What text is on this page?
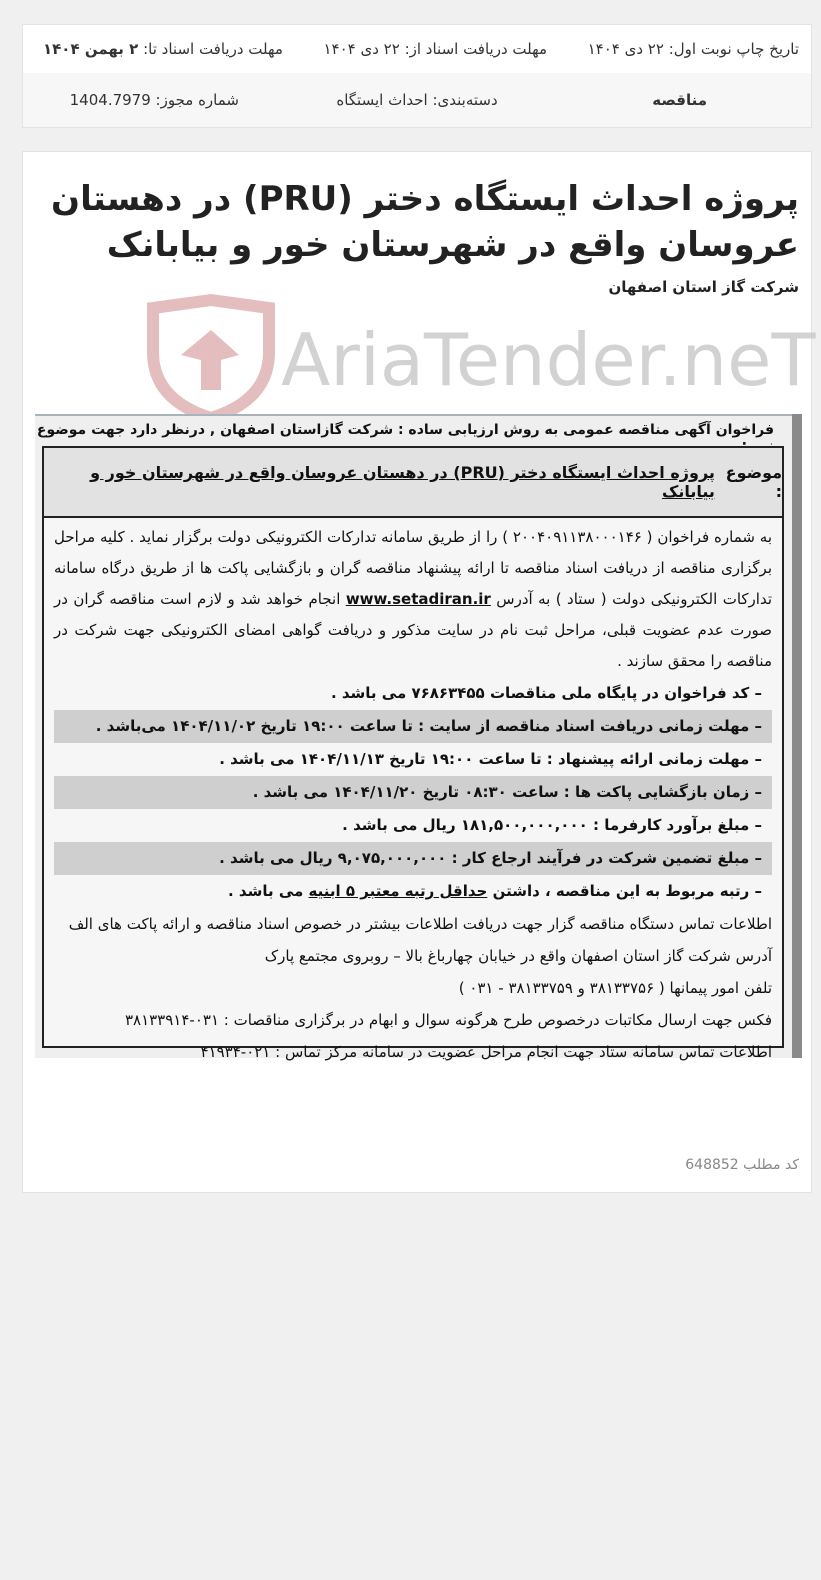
تاریخ چاپ نوبت اول: ۲۲ دی ۱۴۰۴
مهلت دریافت اسناد از: ۲۲ دی ۱۴۰۴
مهلت دریافت اسناد تا: ۲ بهمن ۱۴۰۴
مناقصه
دسته‌بندی: احداث ایستگاه
شماره مجوز: 1404.7979
پروژه احداث ایستگاه دختر (PRU) در دهستان عروسان واقع در شهرستان خور و بیابانک
شرکت گاز استان اصفهان
AriaTender.neT
فراخوان آگهی مناقصه عمومی به روش ارزیابی ساده : شرکت گازاستان اصفهان , درنظر دارد جهت موضوع
موضوع :
پروژه احداث ایستگاه دختر (PRU) در دهستان عروسان واقع در شهرستان خور و بیابانک
به شماره فراخوان ( ۲۰۰۴۰۹۱۱۳۸۰۰۰۱۴۶ ) را از طریق سامانه تدارکات الکترونیکی دولت برگزار نماید . کلیه مراحل برگزاری مناقصه از دریافت اسناد مناقصه تا ارائه پیشنهاد مناقصه گران و بازگشایی پاکت ها از طریق درگاه سامانه تدارکات الکترونیکی دولت ( ستاد ) به آدرس www.setadiran.ir انجام خواهد شد و لازم است مناقصه گران در صورت عدم عضویت قبلی، مراحل ثبت نام در سایت مذکور و دریافت گواهی امضای الکترونیکی جهت شرکت در مناقصه را محقق سازند .
– کد فراخوان در پایگاه ملی مناقصات ۷۶۸۶۳۴۵۵ می باشد .
– مهلت زمانی دریافت اسناد مناقصه از سایت : تا ساعت ۱۹:۰۰ تاریخ ۱۴۰۴/۱۱/۰۲ می‌باشد .
– مهلت زمانی ارائه پیشنهاد : تا ساعت ۱۹:۰۰ تاریخ ۱۴۰۴/۱۱/۱۳ می باشد .
– زمان بازگشایی پاکت ها : ساعت ۰۸:۳۰ تاریخ ۱۴۰۴/۱۱/۲۰ می باشد .
– مبلغ برآورد کارفرما : ۱۸۱,۵۰۰,۰۰۰,۰۰۰ ریال می باشد .
– مبلغ تضمین شرکت در فرآیند ارجاع کار : ۹,۰۷۵,۰۰۰,۰۰۰ ریال می باشد .
– رتبه مربوط به این مناقصه ، داشتن حداقل رتبه معتبر ۵ ابنیه می باشد .
اطلاعات تماس دستگاه مناقصه گزار جهت دریافت اطلاعات بیشتر در خصوص اسناد مناقصه و ارائه پاکت های الف
آدرس شرکت گاز استان اصفهان واقع در خیابان چهارباغ بالا – روبروی مجتمع پارک
تلفن امور پیمانها ( ۳۸۱۳۳۷۵۶ و ۳۸۱۳۳۷۵۹ - ۰۳۱ )
فکس جهت ارسال مکاتبات درخصوص طرح هرگونه سوال و ابهام در برگزاری مناقصات : ۰۳۱-۳۸۱۳۳۹۱۴
اطلاعات تماس سامانه ستاد جهت انجام مراحل عضویت در سامانه مرکز تماس : ۰۲۱-۴۱۹۳۴
کد مطلب 648852
